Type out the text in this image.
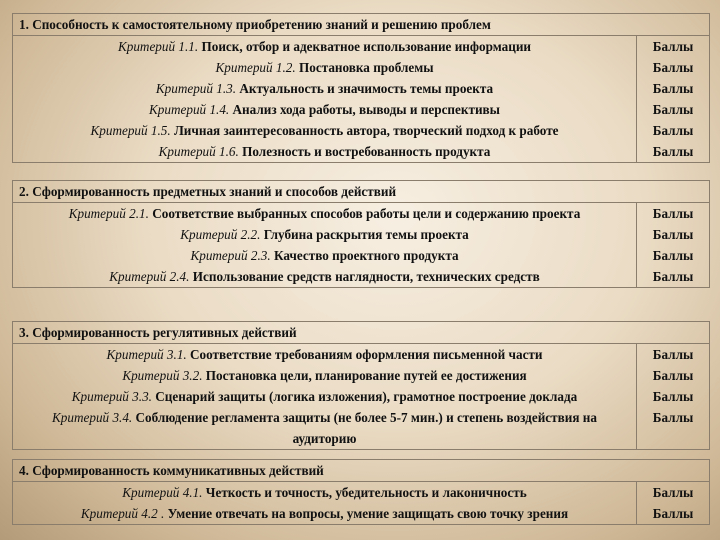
1. Способность к самостоятельному приобретению знаний и решению проблем	
Критерий 1.1. Поиск, отбор и адекватное использование информации	Баллы
Критерий 1.2. Постановка проблемы	Баллы
Критерий 1.3. Актуальность и значимость темы проекта	Баллы
Критерий 1.4. Анализ хода работы, выводы и перспективы	Баллы
Критерий 1.5. Личная заинтересованность автора, творческий подход к работе	Баллы
Критерий 1.6. Полезность и востребованность продукта	Баллы
2. Сформированность предметных знаний и способов действий	
Критерий 2.1. Соответствие выбранных способов работы цели и содержанию проекта	Баллы
Критерий 2.2. Глубина раскрытия темы проекта	Баллы
Критерий 2.3. Качество проектного продукта	Баллы
Критерий 2.4. Использование средств наглядности, технических средств	Баллы
3. Сформированность регулятивных действий	
Критерий 3.1. Соответствие требованиям оформления письменной части	Баллы
Критерий 3.2. Постановка цели, планирование путей ее достижения	Баллы
Критерий 3.3. Сценарий защиты (логика изложения), грамотное построение доклада	Баллы
Критерий 3.4. Соблюдение регламента защиты (не более 5-7 мин.) и степень воздействия на аудиторию	Баллы
4. Сформированность коммуникативных действий	
Критерий 4.1. Четкость и точность, убедительность и лаконичность	Баллы
Критерий 4.2 . Умение отвечать на вопросы, умение защищать свою точку зрения	Баллы
